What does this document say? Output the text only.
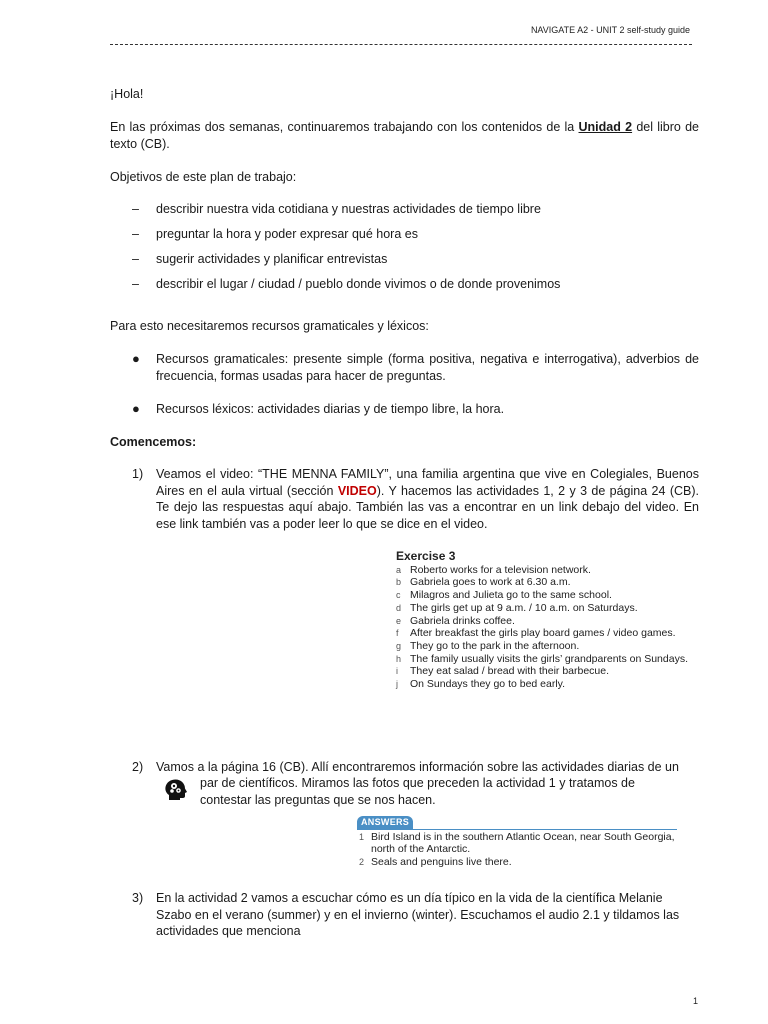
NAVIGATE A2 - UNIT 2 self-study guide
¡Hola!
En las próximas dos semanas, continuaremos trabajando con los contenidos de la Unidad 2 del libro de texto (CB).
Objetivos de este plan de trabajo:
– describir nuestra vida cotidiana y nuestras actividades de tiempo libre
– preguntar la hora y poder expresar qué hora es
– sugerir actividades y planificar entrevistas
– describir el lugar / ciudad / pueblo donde vivimos o de donde provenimos
Para esto necesitaremos recursos gramaticales y léxicos:
● Recursos gramaticales: presente simple (forma positiva, negativa e interrogativa), adverbios de frecuencia, formas usadas para hacer de preguntas.
● Recursos léxicos: actividades diarias y de tiempo libre, la hora.
Comencemos:
1) Veamos el video: “THE MENNA FAMILY”, una familia argentina que vive en Colegiales, Buenos Aires en el aula virtual (sección VIDEO). Y hacemos las actividades 1, 2 y 3 de página 24 (CB). Te dejo las respuestas aquí abajo. También las vas a encontrar en un link debajo del video. En ese link también vas a poder leer lo que se dice en el video.
Exercise 3
a Roberto works for a television network.
b Gabriela goes to work at 6.30 a.m.
c Milagros and Julieta go to the same school.
d The girls get up at 9 a.m. / 10 a.m. on Saturdays.
e Gabriela drinks coffee.
f After breakfast the girls play board games / video games.
g They go to the park in the afternoon.
h The family usually visits the girls’ grandparents on Sundays.
i They eat salad / bread with their barbecue.
j On Sundays they go to bed early.
2) Vamos a la página 16 (CB). Allí encontraremos información sobre las actividades diarias de un
par de científicos. Miramos las fotos que preceden la actividad 1 y tratamos de
contestar las preguntas que se nos hacen.
ANSWERS
1 Bird Island is in the southern Atlantic Ocean, near South Georgia, north of the Antarctic.
2 Seals and penguins live there.
3) En la actividad 2 vamos a escuchar cómo es un día típico en la vida de la científica Melanie Szabo en el verano (summer) y en el invierno (winter). Escuchamos el audio 2.1 y tildamos las actividades que menciona
1
